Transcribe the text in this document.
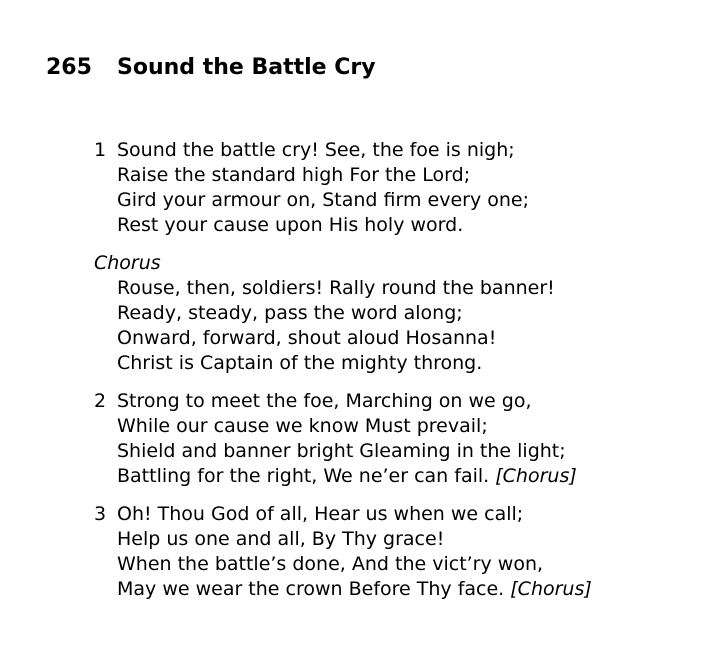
265 Sound the Battle Cry
1 Sound the battle cry! See, the foe is nigh;
Raise the standard high For the Lord;
Gird your armour on, Stand firm every one;
Rest your cause upon His holy word.
Chorus
Rouse, then, soldiers! Rally round the banner!
Ready, steady, pass the word along;
Onward, forward, shout aloud Hosanna!
Christ is Captain of the mighty throng.
2 Strong to meet the foe, Marching on we go,
While our cause we know Must prevail;
Shield and banner bright Gleaming in the light;
Battling for the right, We ne’er can fail. [Chorus]
3 Oh! Thou God of all, Hear us when we call;
Help us one and all, By Thy grace!
When the battle’s done, And the vict’ry won,
May we wear the crown Before Thy face. [Chorus]
